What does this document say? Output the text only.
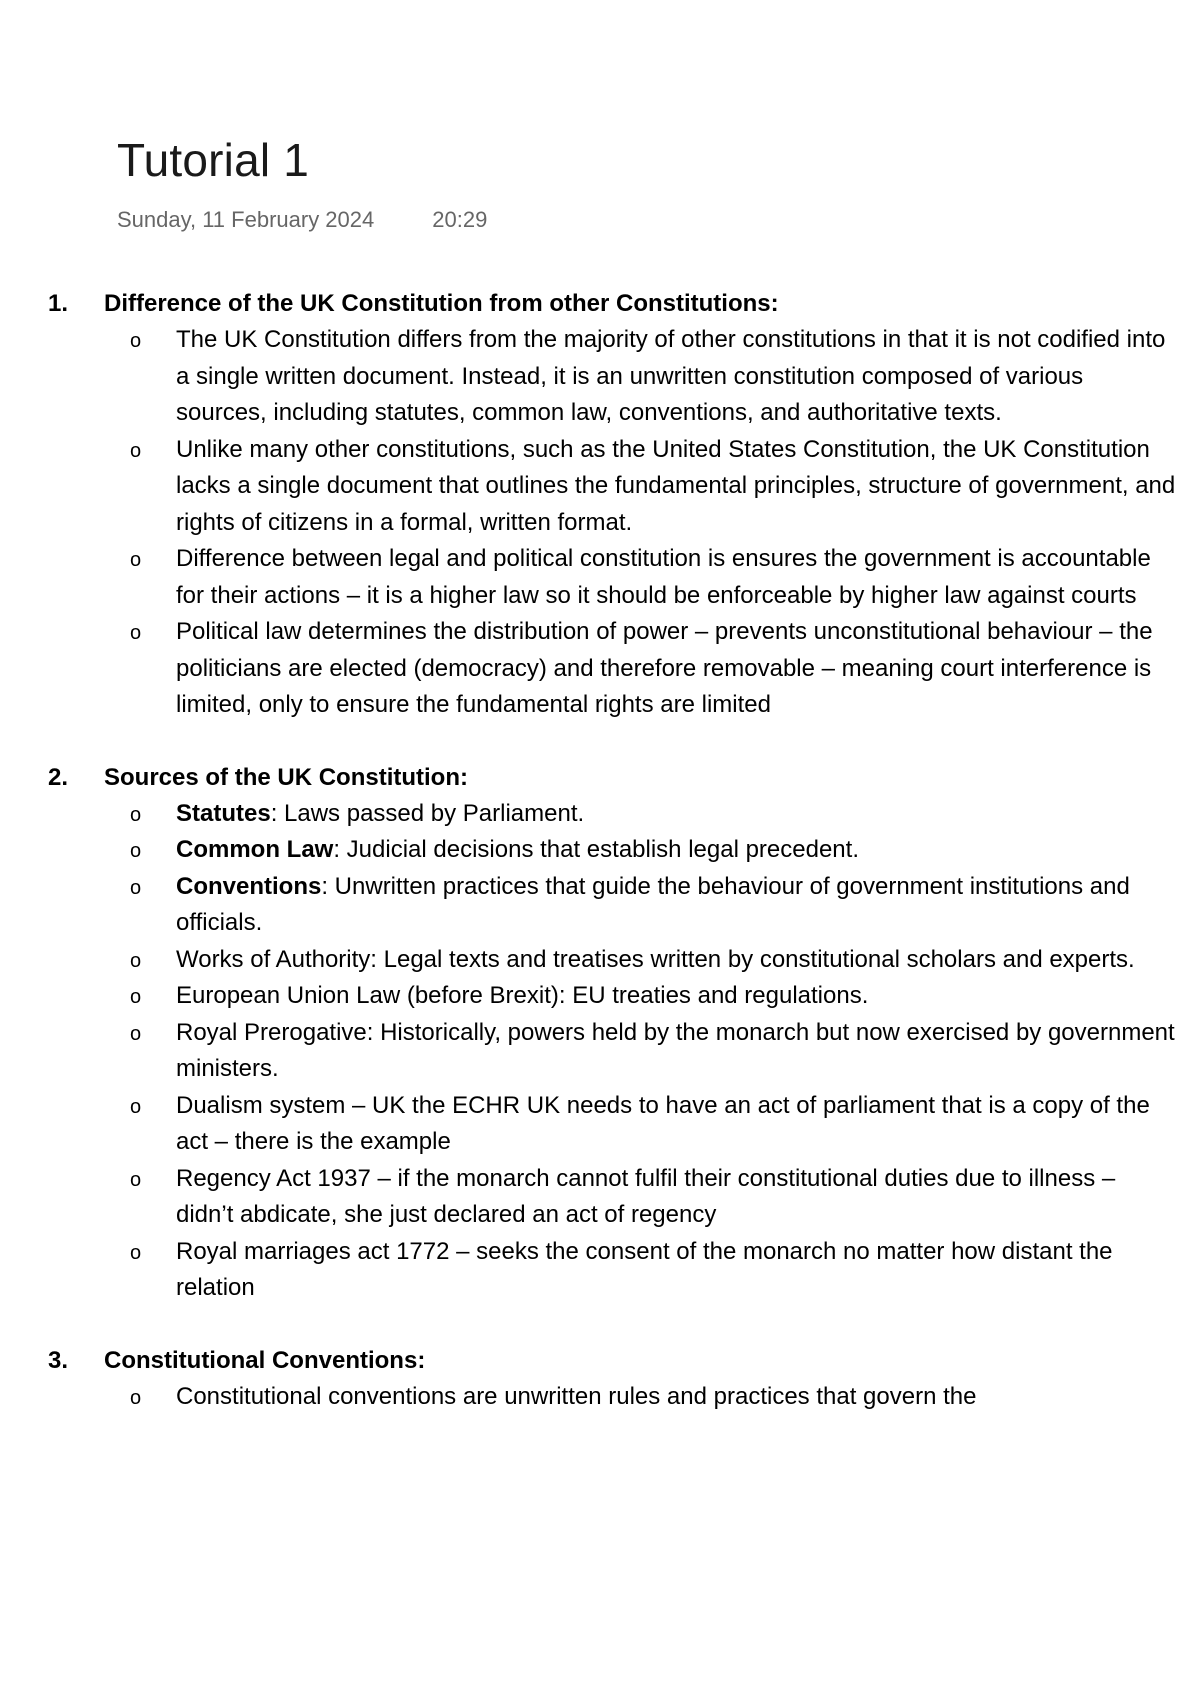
Tutorial 1
Sunday, 11 February 2024	20:29
1. Difference of the UK Constitution from other Constitutions:
o The UK Constitution differs from the majority of other constitutions in that it is not codified into a single written document. Instead, it is an unwritten constitution composed of various sources, including statutes, common law, conventions, and authoritative texts.
o Unlike many other constitutions, such as the United States Constitution, the UK Constitution lacks a single document that outlines the fundamental principles, structure of government, and rights of citizens in a formal, written format.
o Difference between legal and political constitution is ensures the government is accountable for their actions – it is a higher law so it should be enforceable by higher law against courts
o Political law determines the distribution of power – prevents unconstitutional behaviour – the politicians are elected (democracy) and therefore removable – meaning court interference is limited, only to ensure the fundamental rights are limited
2. Sources of the UK Constitution:
o Statutes: Laws passed by Parliament.
o Common Law: Judicial decisions that establish legal precedent.
o Conventions: Unwritten practices that guide the behaviour of government institutions and officials.
o Works of Authority: Legal texts and treatises written by constitutional scholars and experts.
o European Union Law (before Brexit): EU treaties and regulations.
o Royal Prerogative: Historically, powers held by the monarch but now exercised by government ministers.
o Dualism system – UK the ECHR UK needs to have an act of parliament that is a copy of the act – there is the example
o Regency Act 1937 – if the monarch cannot fulfil their constitutional duties due to illness – didn’t abdicate, she just declared an act of regency
o Royal marriages act 1772 – seeks the consent of the monarch no matter how distant the relation
3. Constitutional Conventions:
o Constitutional conventions are unwritten rules and practices that govern the
